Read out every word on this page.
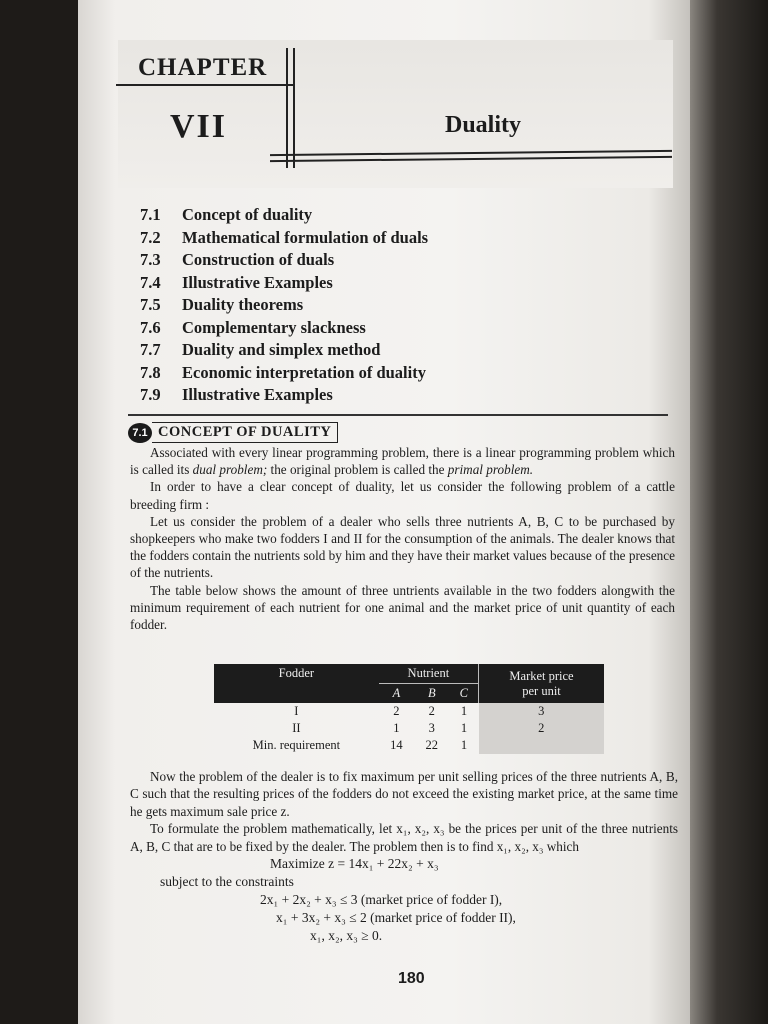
CHAPTER
VII	Duality
7.1	Concept of duality
7.2	Mathematical formulation of duals
7.3	Construction of duals
7.4	Illustrative Examples
7.5	Duality theorems
7.6	Complementary slackness
7.7	Duality and simplex method
7.8	Economic interpretation of duality
7.9	Illustrative Examples
7.1 CONCEPT OF DUALITY

Associated with every linear programming problem, there is a linear programming problem which is called its dual problem; the original problem is called the primal problem.

In order to have a clear concept of duality, let us consider the following problem of a cattle breeding firm :

Let us consider the problem of a dealer who sells three nutrients A, B, C to be purchased by shopkeepers who make two fodders I and II for the consumption of the animals. The dealer knows that the fodders contain the nutrients sold by him and they have their market values because of the presence of the nutrients.

The table below shows the amount of three untrients available in the two fodders alongwith the minimum requirement of each nutrient for one animal and the market price of unit quantity of each fodder.

Fodder	Nutrient			Market price
per unit
	A	B	C	
I	2	2	1	3
II	1	3	1	2
Min. requirement	14	22	1	

Now the problem of the dealer is to fix maximum per unit selling prices of the three nutrients A, B, C such that the resulting prices of the fodders do not exceed the existing market price, at the same time he gets maximum sale price z.

To formulate the problem mathematically, let x₁, x₂, x₃ be the prices per unit of the three nutrients A, B, C that are to be fixed by the dealer. The problem then is to find x₁, x₂, x₃ which

Maximize z = 14x₁ + 22x₂ + x₃
subject to the constraints
2x₁ + 2x₂ + x₃ ≤ 3 (market price of fodder I),
x₁ + 3x₂ + x₃ ≤ 2 (market price of fodder II),
x₁, x₂, x₃ ≥ 0.
180
